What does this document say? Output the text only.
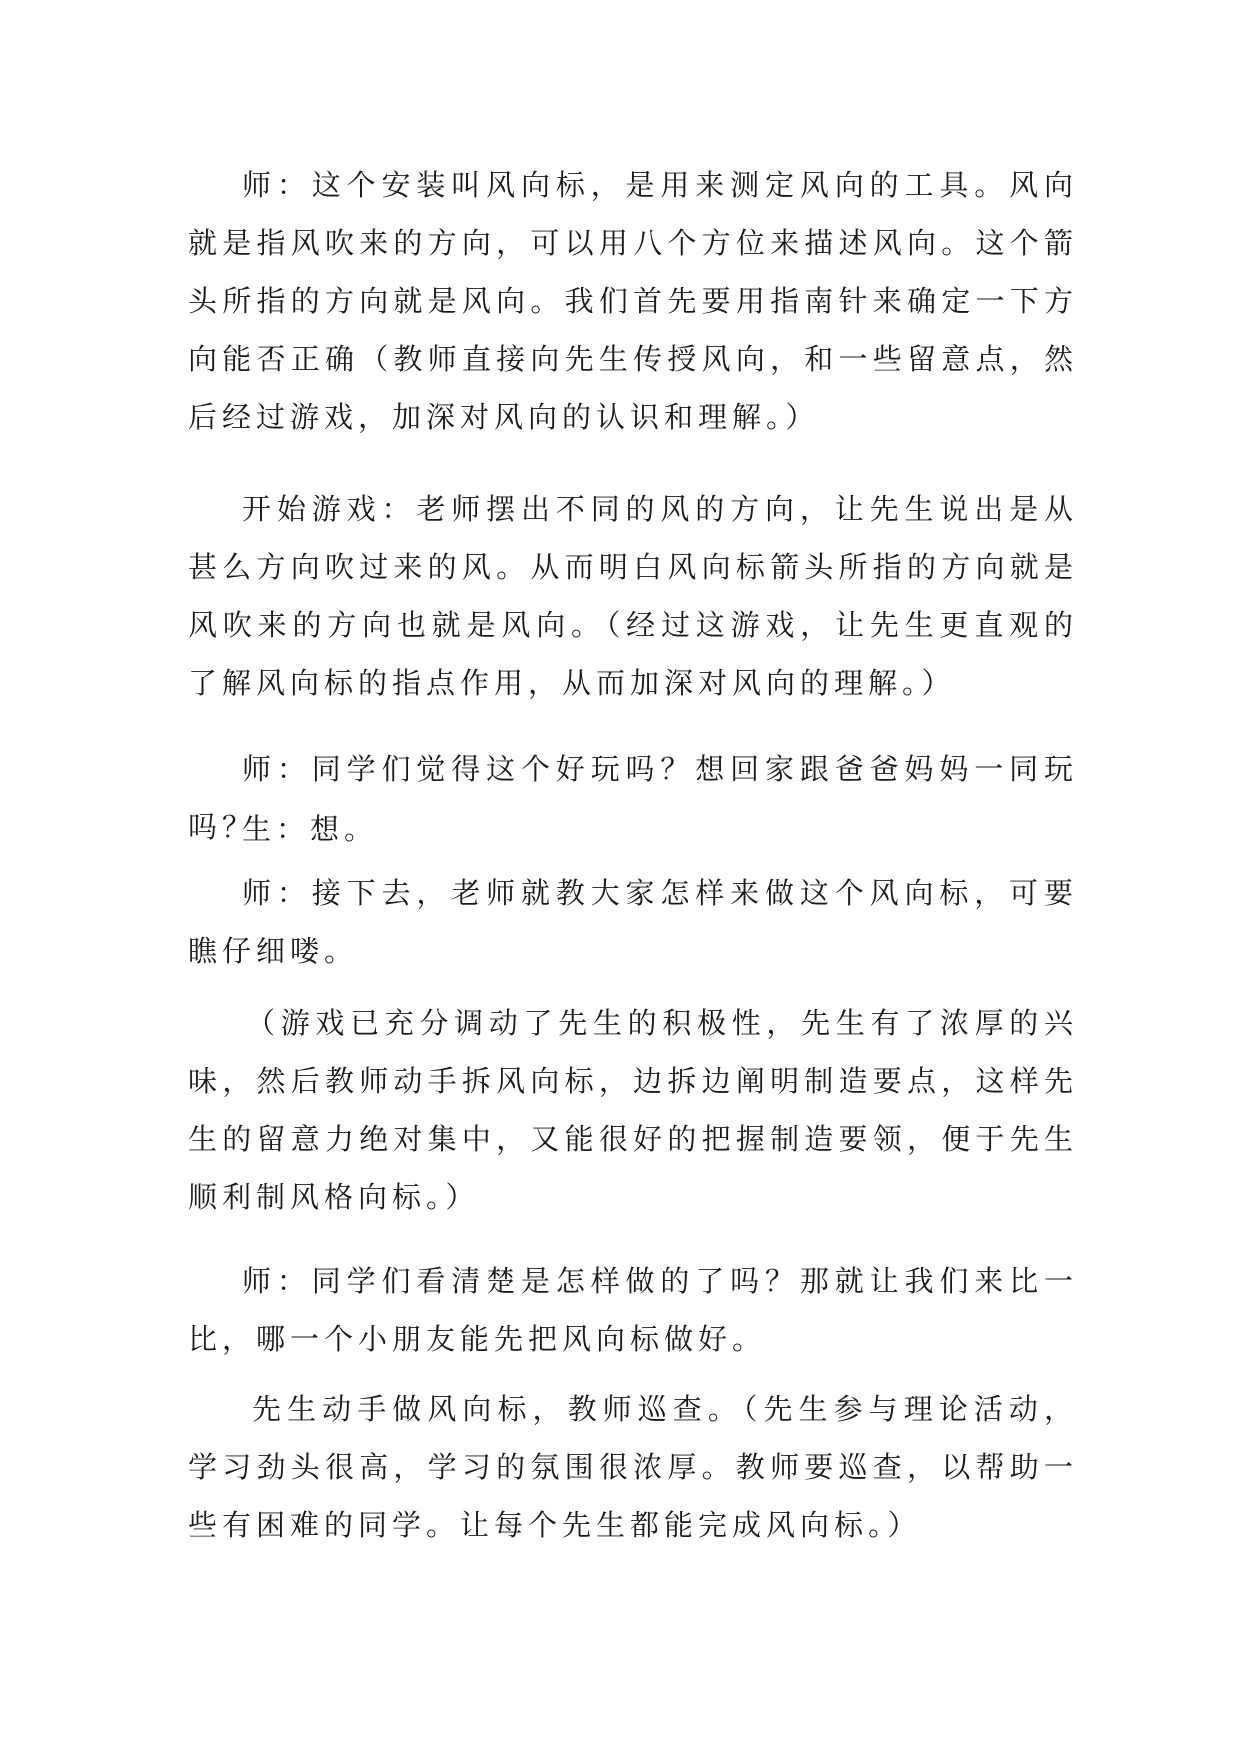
师：这个安装叫风向标，是用来测定风向的工具。风向就是指风吹来的方向，可以用八个方位来描述风向。这个箭头所指的方向就是风向。我们首先要用指南针来确定一下方向能否正确（教师直接向先生传授风向，和一些留意点，然后经过游戏，加深对风向的认识和理解。）

开始游戏：老师摆出不同的风的方向，让先生说出是从甚么方向吹过来的风。从而明白风向标箭头所指的方向就是风吹来的方向也就是风向。（经过这游戏，让先生更直观的了解风向标的指点作用，从而加深对风向的理解。）

师：同学们觉得这个好玩吗？想回家跟爸爸妈妈一同玩吗？

生：想。

师：接下去，老师就教大家怎样来做这个风向标，可要瞧仔细喽。

（游戏已充分调动了先生的积极性，先生有了浓厚的兴味，然后教师动手拆风向标，边拆边阐明制造要点，这样先生的留意力绝对集中，又能很好的把握制造要领，便于先生顺利制风格向标。）

师：同学们看清楚是怎样做的了吗？那就让我们来比一比，哪一个小朋友能先把风向标做好。

先生动手做风向标，教师巡查。（先生参与理论活动，学习劲头很高，学习的氛围很浓厚。教师要巡查，以帮助一些有困难的同学。让每个先生都能完成风向标。）
